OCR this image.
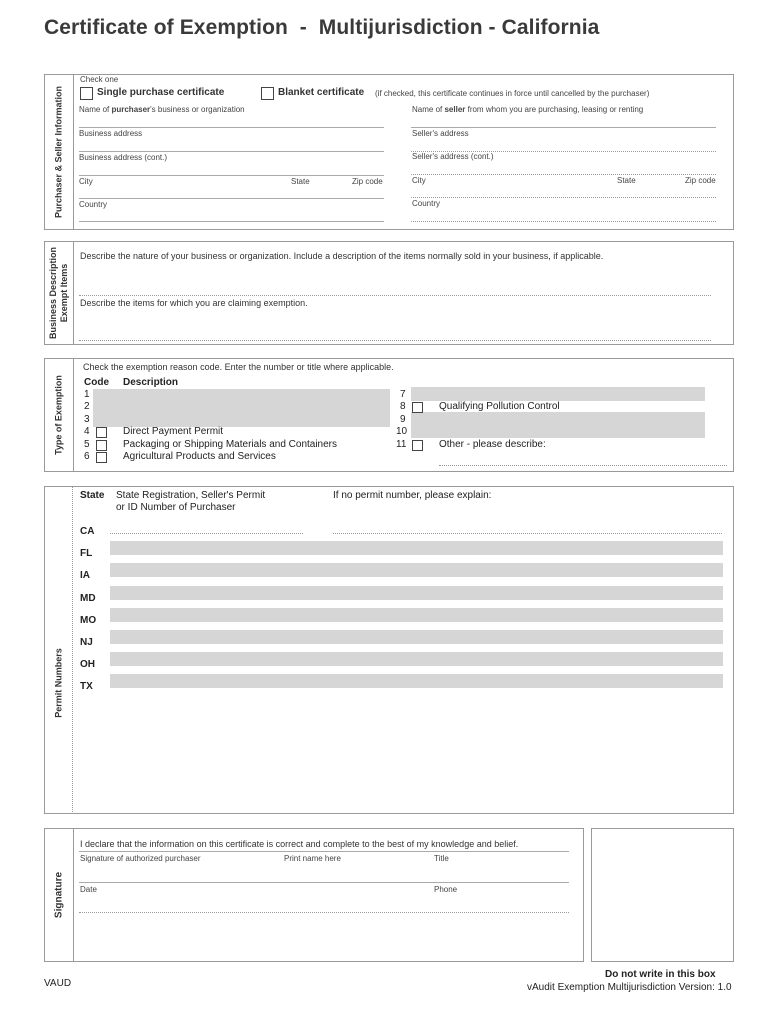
Certificate of Exemption  -  Multijurisdiction - California
Purchaser & Seller Information
Check one
Single purchase certificate	Blanket certificate (if checked, this certificate continues in force until cancelled by the purchaser)
Name of purchaser's business or organization	Name of seller from whom you are purchasing, leasing or renting
Business address	Seller's address
Business address (cont.)	Seller's address (cont.)
City	State	Zip code	City	State	Zip code
Country	Country
Business Description
Exempt Items
Describe the nature of your business or organization. Include a description of the items normally sold in your business, if applicable.
Describe the items for which you are claiming exemption.
Type of Exemption
Check the exemption reason code. Enter the number or title where applicable.
Code Description
1
2
3
4	Direct Payment Permit
5	Packaging or Shipping Materials and Containers
6	Agricultural Products and Services
7
8	Qualifying Pollution Control
9
10
11	Other - please describe:
Permit Numbers
State State Registration, Seller's Permit
or ID Number of Purchaser
If no permit number, please explain:
CA
FL
IA
MD
MO
NJ
OH
TX
Signature
I declare that the information on this certificate is correct and complete to the best of my knowledge and belief.
Signature of authorized purchaser	Print name here	Title
Date	Phone
VAUD
Do not write in this box
vAudit Exemption Multijurisdiction Version: 1.0
